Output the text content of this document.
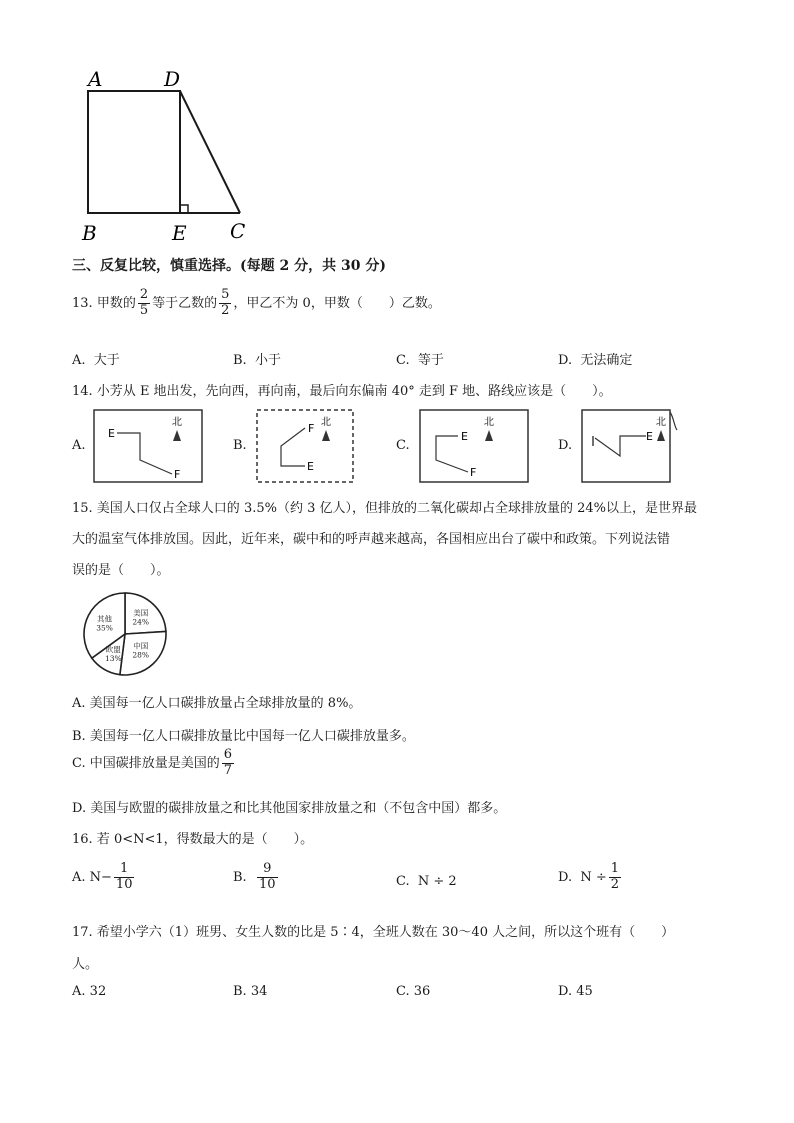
A	D
B	E C
三、反复比较，慎重选择。(每题 2 分，共 30 分)
13. 甲数的 $\frac{2}{5}$ 等于乙数的 $\frac{5}{2}$ ，甲乙不为 0，甲数（　　）乙数。
A. 大于	B. 小于	C. 等于	D. 无法确定
14. 小芳从 E 地出发，先向西，再向南，最后向东偏南 40° 走到 F 地、路线应该是（　　）。
A.
E
F
北
B.
F
E
北
C.
E
F
北
D.
E
北
15. 美国人口仅占全球人口的 3.5%（约 3 亿人），但排放的二氧化碳却占全球排放量的 24%以上，是世界最
大的温室气体排放国。因此，近年来，碳中和的呼声越来越高，各国相应出台了碳中和政策。下列说法错
误的是（　　）。
美国 24%
中国 28%
欧盟 13%
其他 35%
A. 美国每一亿人口碳排放量占全球排放量的 8%。
B. 美国每一亿人口碳排放量比中国每一亿人口碳排放量多。
C. 中国碳排放量是美国的 $\frac{6}{7}$
D. 美国与欧盟的碳排放量之和比其他国家排放量之和（不包含中国）都多。
16. 若 0<N<1，得数最大的是（　　）。
A. $N- \frac{1}{10}$	B. $\frac{9}{10}$	C. N ÷ 2	D. $N \div \frac{1}{2}$
17. 希望小学六（1）班男、女生人数的比是 5∶4，全班人数在 30～40 人之间，所以这个班有（　　）
人。
A. 32	B. 34	C. 36	D. 45
